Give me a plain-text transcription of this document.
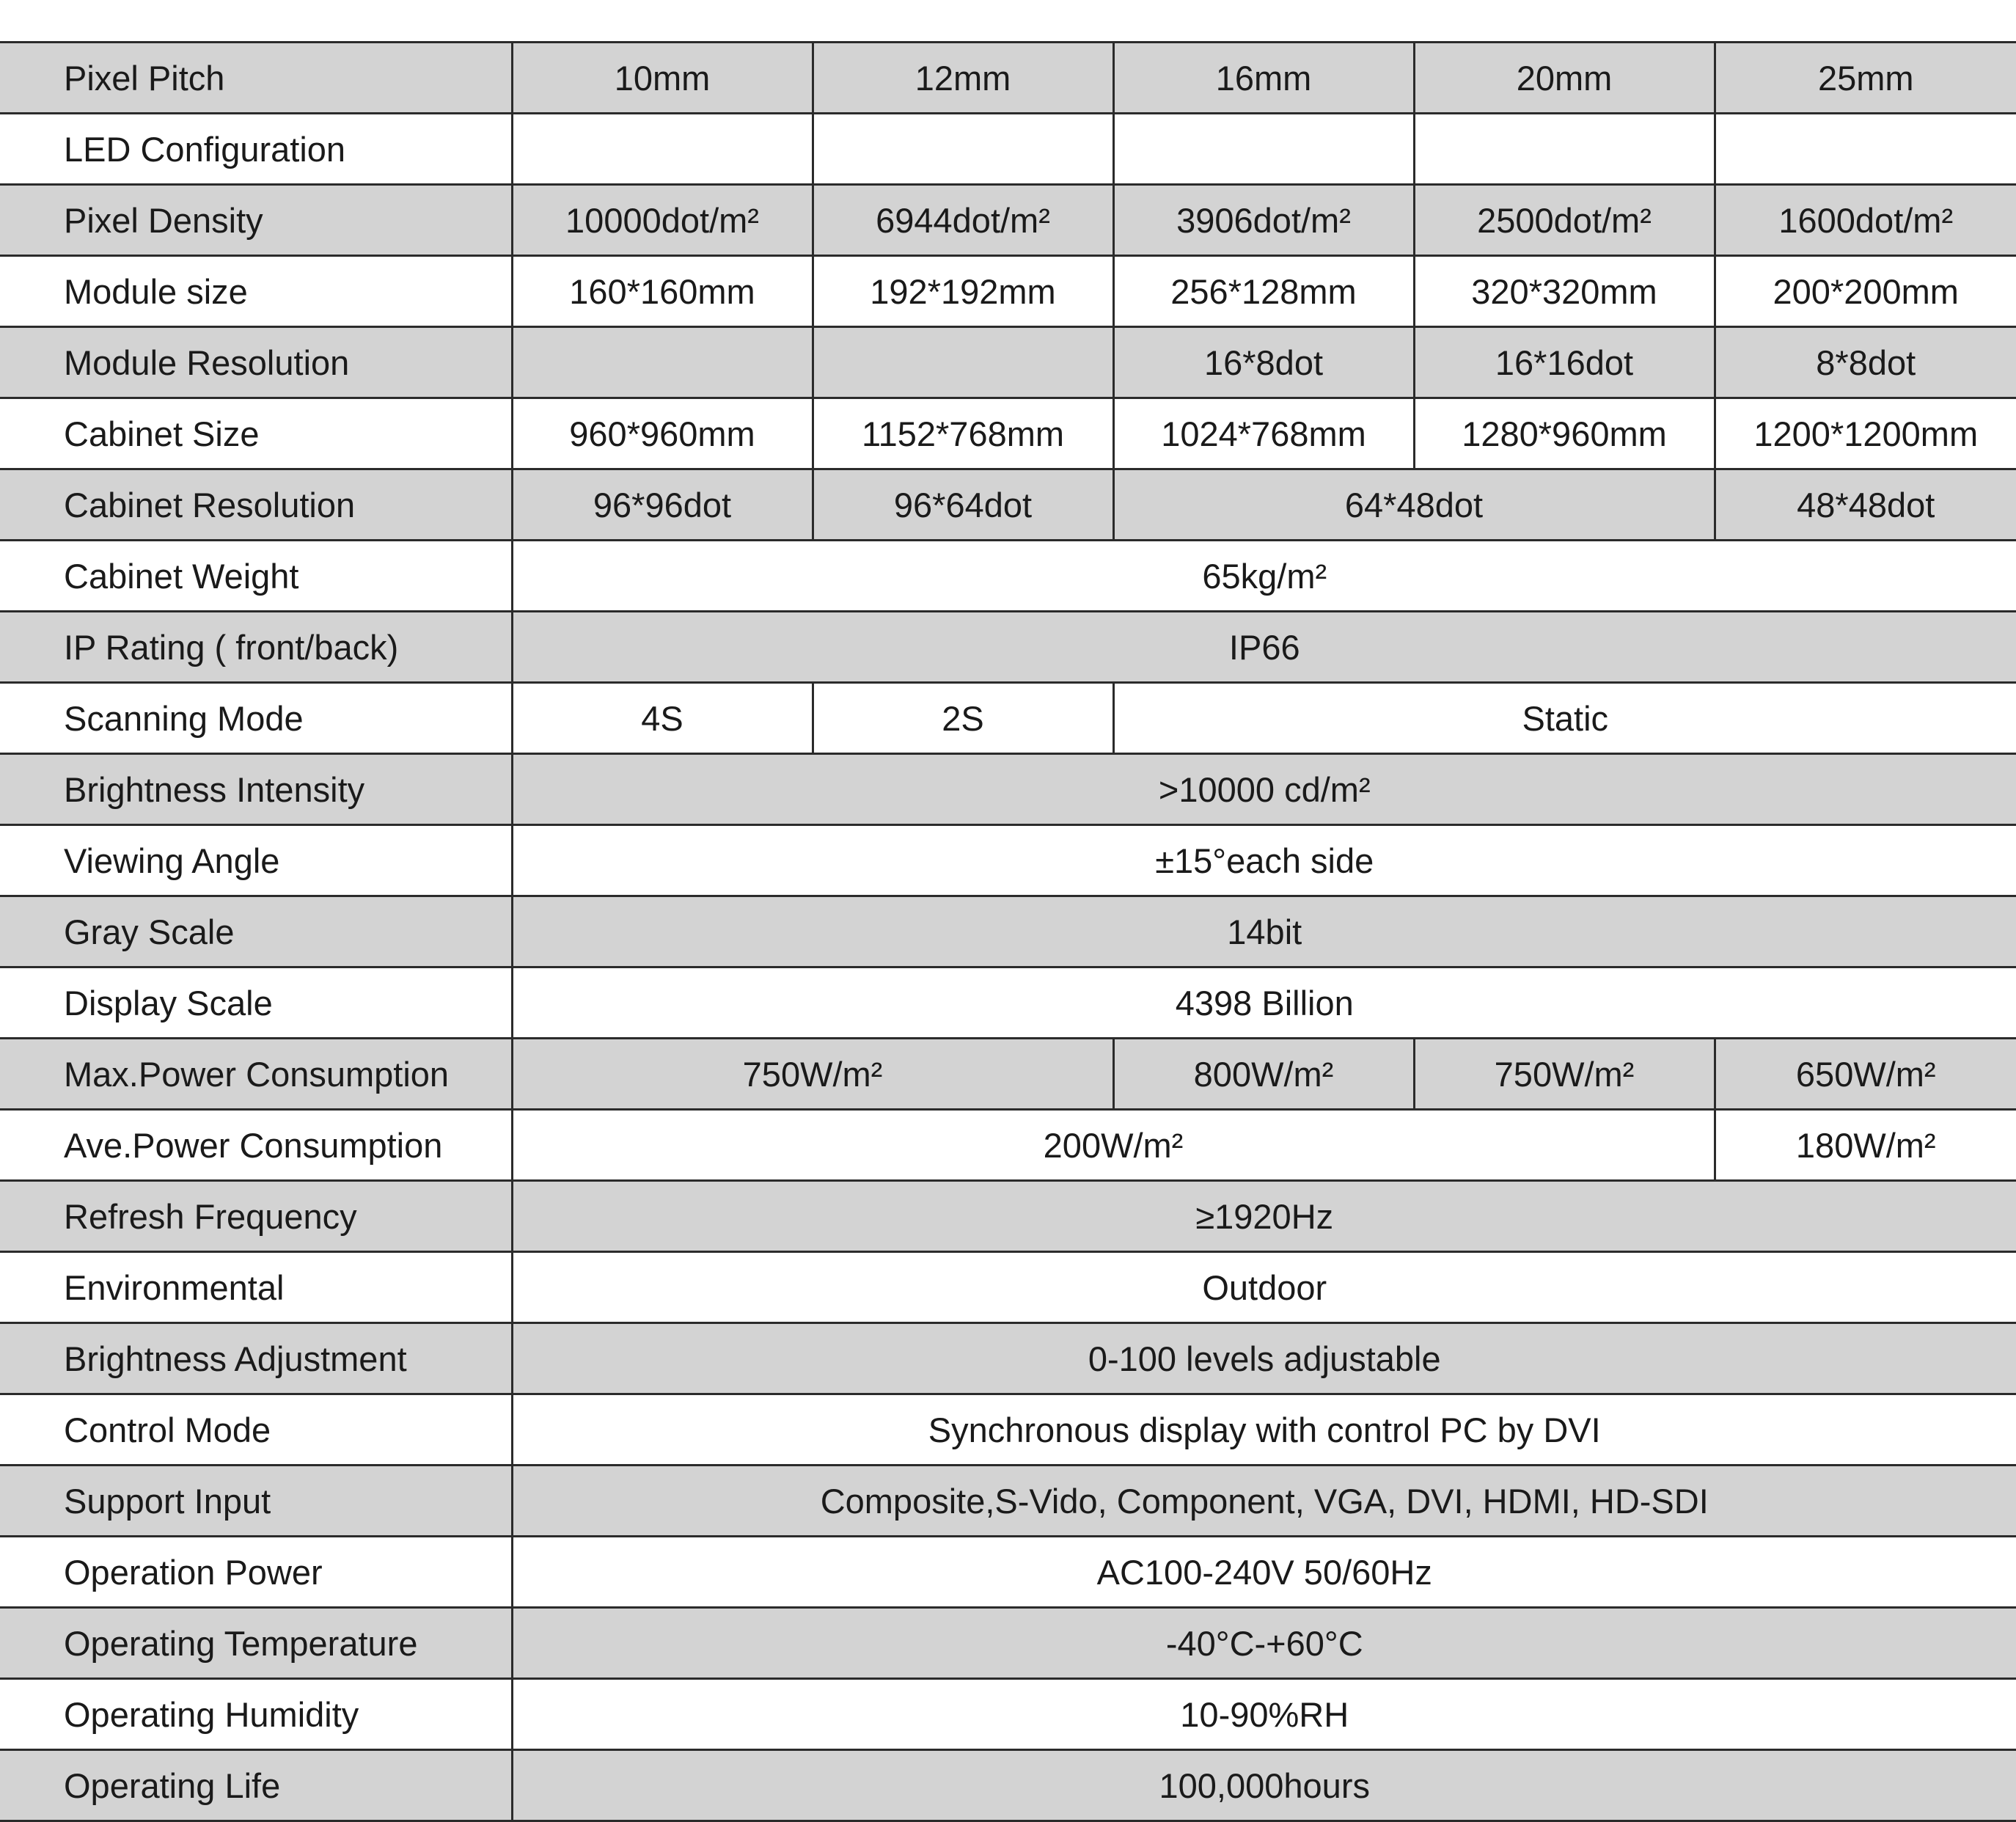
Pixel Pitch	10mm	12mm	16mm	20mm	25mm
LED Configuration					
Pixel Density	10000dot/m²	6944dot/m²	3906dot/m²	2500dot/m²	1600dot/m²
Module size	160*160mm	192*192mm	256*128mm	320*320mm	200*200mm
Module Resolution			16*8dot	16*16dot	8*8dot
Cabinet Size	960*960mm	1152*768mm	1024*768mm	1280*960mm	1200*1200mm
Cabinet Resolution	96*96dot	96*64dot	64*48dot		48*48dot
Cabinet Weight	65kg/m²				
IP Rating ( front/back)	IP66				
Scanning Mode	4S	2S	Static		
Brightness Intensity	>10000 cd/m²				
Viewing Angle	±15°each side				
Gray Scale	14bit				
Display Scale	4398 Billion				
Max.Power Consumption	750W/m²		800W/m²	750W/m²	650W/m²
Ave.Power Consumption	200W/m²				180W/m²
Refresh Frequency	≥1920Hz				
Environmental	Outdoor				
Brightness Adjustment	0-100 levels adjustable				
Control Mode	Synchronous display with control PC by DVI				
Support Input	Composite,S-Vido, Component, VGA, DVI, HDMI, HD-SDI				
Operation Power	AC100-240V 50/60Hz				
Operating Temperature	-40°C-+60°C				
Operating Humidity	10-90%RH				
Operating Life	100,000hours				
